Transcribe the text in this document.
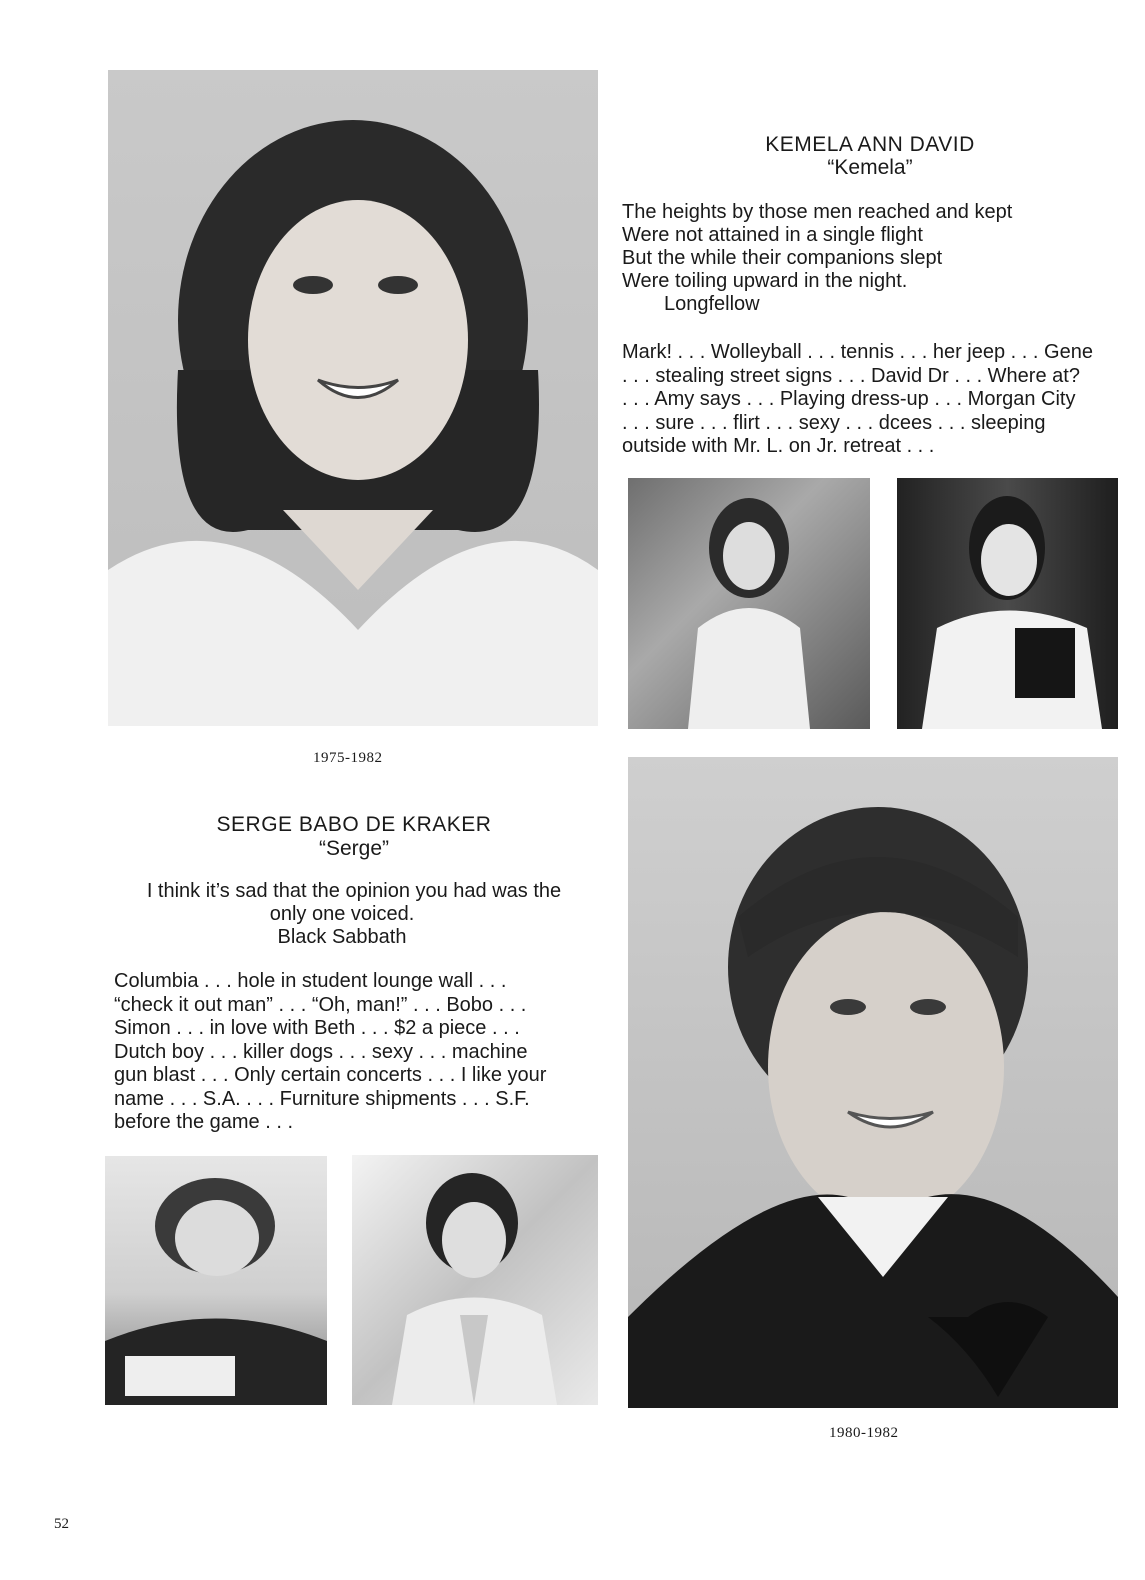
KEMELA ANN DAVID
“Kemela”
The heights by those men reached and kept
Were not attained in a single flight
But the while their companions slept
Were toiling upward in the night.
Longfellow
Mark! . . . Wolleyball . . . tennis . . . her jeep . . . Gene
. . . stealing street signs . . . David Dr . . . Where at?
. . . Amy says . . . Playing dress-up . . . Morgan City
. . . sure . . . flirt . . . sexy . . . dcees . . . sleeping
outside with Mr. L. on Jr. retreat . . .
1975-1982
SERGE BABO DE KRAKER
“Serge”
I think it’s sad that the opinion you had was the
only one voiced.
Black Sabbath
Columbia . . . hole in student lounge wall . . .
“check it out man” . . . “Oh, man!” . . . Bobo . . .
Simon . . . in love with Beth . . . $2 a piece . . .
Dutch boy . . . killer dogs . . . sexy . . . machine
gun blast . . . Only certain concerts . . . I like your
name . . . S.A. . . . Furniture shipments . . . S.F.
before the game . . .
1980-1982
52
